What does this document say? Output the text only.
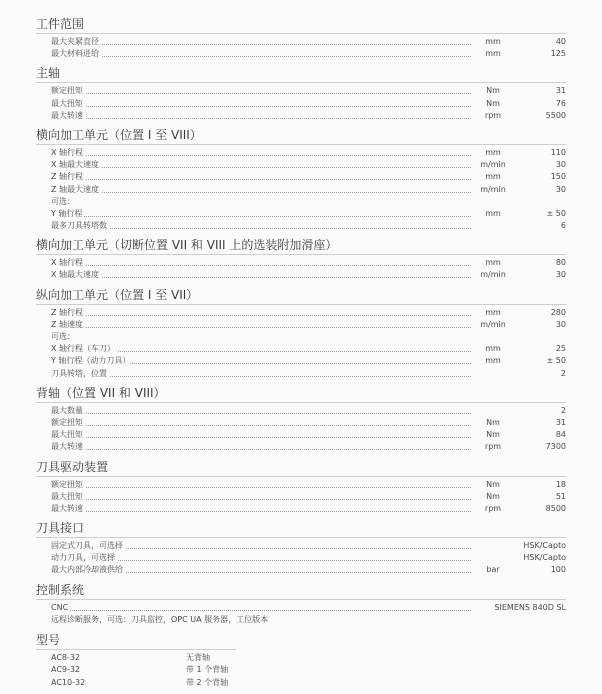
工件范围
最大夹紧直径	mm	40
最大材料进给	mm	125
主轴
额定扭矩	Nm	31
最大扭矩	Nm	76
最大转速	rpm	5500
横向加工单元（位置 I 至 VIII）
X 轴行程	mm	110
X 轴最大速度	m/min	30
Z 轴行程	mm	150
Z 轴最大速度	m/min	30
可选：
Y 轴行程	mm	± 50
最多刀具转塔数	6
横向加工单元（切断位置 VII 和 VIII 上的选装附加滑座）
X 轴行程	mm	80
X 轴最大速度	m/min	30
纵向加工单元（位置 I 至 VII）
Z 轴行程	mm	280
Z 轴速度	m/min	30
可选：
X 轴行程（车刀）	mm	25
Y 轴行程（动力刀具）	mm	± 50
刀具转塔，位置	2
背轴（位置 VII 和 VIII）
最大数量	2
额定扭矩	Nm	31
最大扭矩	Nm	84
最大转速	rpm	7300
刀具驱动装置
额定扭矩	Nm	18
最大扭矩	Nm	51
最大转速	rpm	8500
刀具接口
固定式刀具，可选择	HSK/Capto
动力刀具，可选择	HSK/Capto
最大内部冷却液供给	bar	100
控制系统
CNC	SIEMENS 840D SL
远程诊断服务，可选：刀具监控，OPC UA 服务器，工位版本
型号
AC8-32	无背轴
AC9-32	带 1 个背轴
AC10-32	带 2 个背轴
